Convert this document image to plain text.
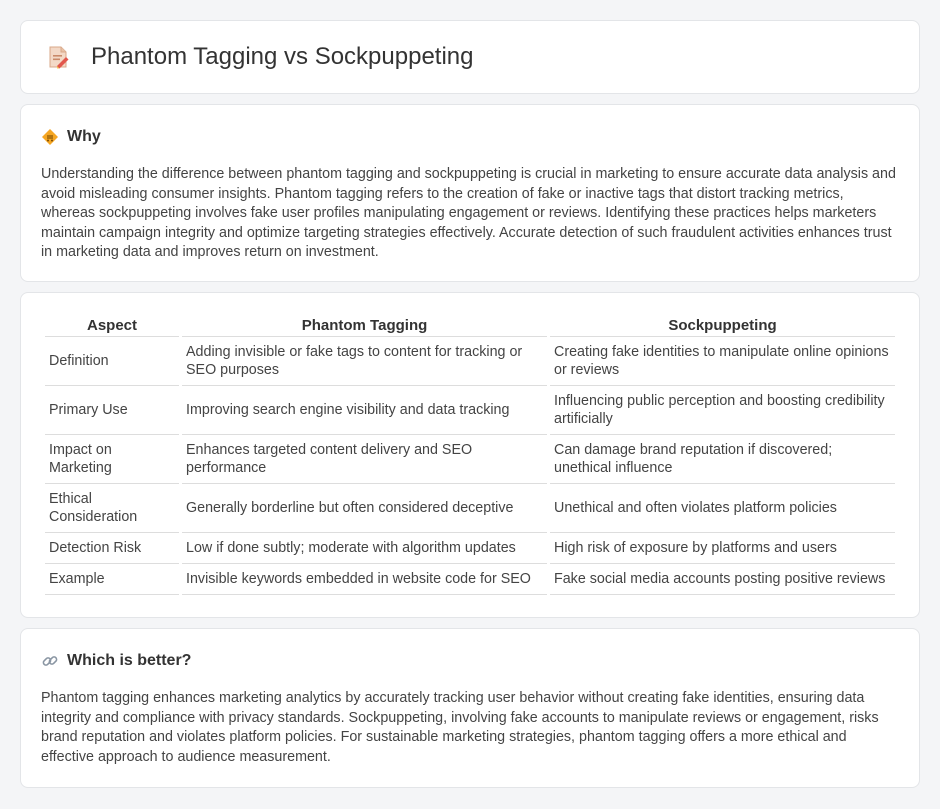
Phantom Tagging vs Sockpuppeting
Why

Understanding the difference between phantom tagging and sockpuppeting is crucial in marketing to ensure accurate data analysis and avoid misleading consumer insights. Phantom tagging refers to the creation of fake or inactive tags that distort tracking metrics, whereas sockpuppeting involves fake user profiles manipulating engagement or reviews. Identifying these practices helps marketers maintain campaign integrity and optimize targeting strategies effectively. Accurate detection of such fraudulent activities enhances trust in marketing data and improves return on investment.

Aspect	Phantom Tagging	Sockpuppeting
Definition	Adding invisible or fake tags to content for tracking or SEO purposes	Creating fake identities to manipulate online opinions or reviews
Primary Use	Improving search engine visibility and data tracking	Influencing public perception and boosting credibility artificially
Impact on Marketing	Enhances targeted content delivery and SEO performance	Can damage brand reputation if discovered; unethical influence
Ethical Consideration	Generally borderline but often considered deceptive	Unethical and often violates platform policies
Detection Risk	Low if done subtly; moderate with algorithm updates	High risk of exposure by platforms and users
Example	Invisible keywords embedded in website code for SEO	Fake social media accounts posting positive reviews
Which is better?

Phantom tagging enhances marketing analytics by accurately tracking user behavior without creating fake identities, ensuring data integrity and compliance with privacy standards. Sockpuppeting, involving fake accounts to manipulate reviews or engagement, risks brand reputation and violates platform policies. For sustainable marketing strategies, phantom tagging offers a more ethical and effective approach to audience measurement.
